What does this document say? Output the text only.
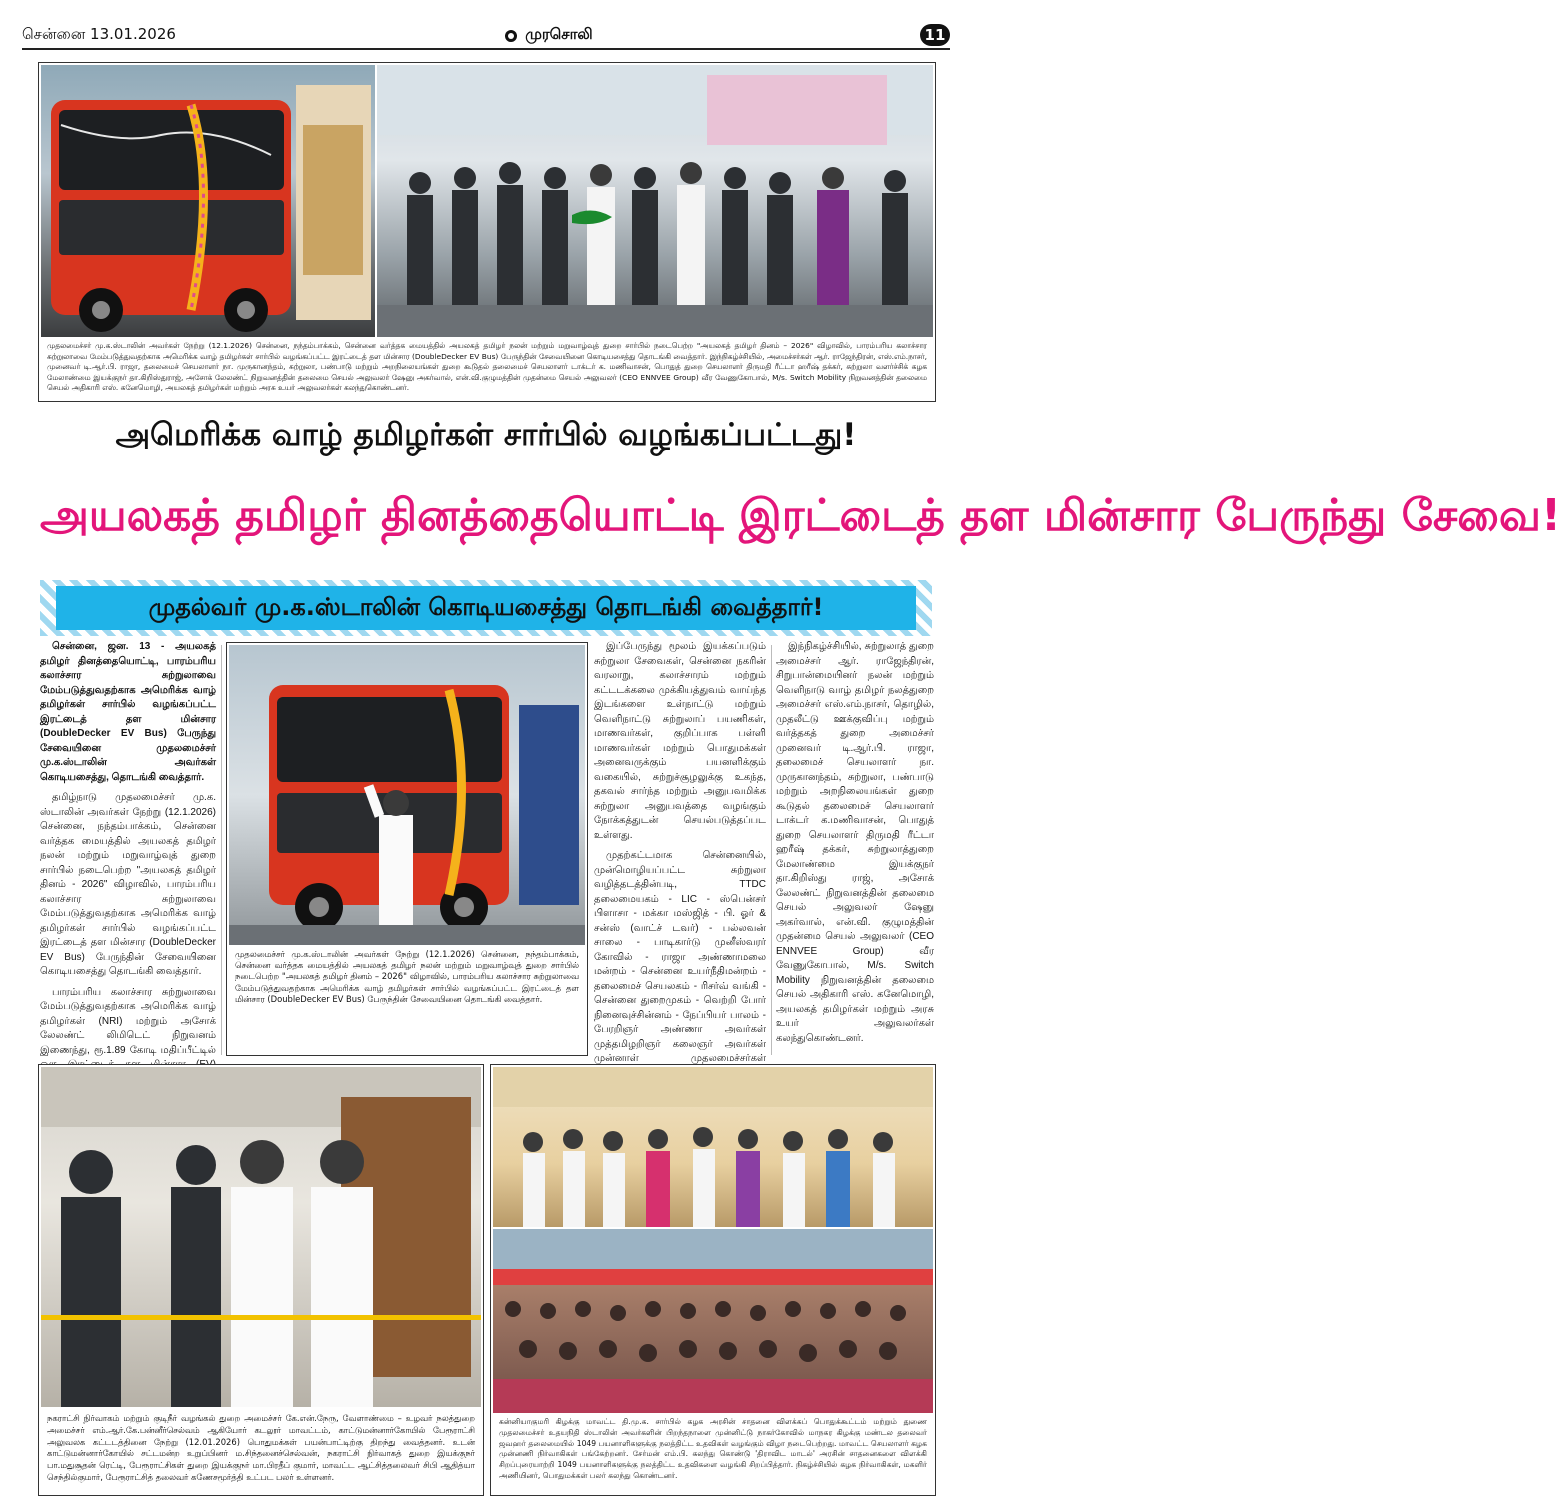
சென்னை 13.01.2026	முரசொலி	11
முதலமைச்சர் மு.க.ஸ்டாலின் அவர்கள் நேற்று (12.1.2026) சென்னை, நந்தம்பாக்கம், சென்னை வர்த்தக மையத்தில் அயலகத் தமிழர் நலன் மற்றும் மறுவாழ்வுத் துறை சார்பில் நடைபெற்ற "அயலகத் தமிழர் தினம் – 2026" விழாவில், பாரம்பரிய கலாச்சார சுற்றுலாவை மேம்படுத்துவதற்காக அமெரிக்க வாழ் தமிழர்கள் சார்பில் வழங்கப்பட்ட இரட்டைத் தள மின்சார (DoubleDecker EV Bus) பேருந்தின் சேவையினை கொடியசைத்து தொடங்கி வைத்தார். இந்நிகழ்ச்சியில், அமைச்சர்கள் ஆர். ராஜேந்திரன், எஸ்.எம்.நாசர், முனைவர் டி.ஆர்.பி. ராஜா, தலைமைச் செயலாளர் நா. முருகானந்தம், சுற்றுலா, பண்பாடு மற்றும் அறநிலையங்கள் துறை கூடுதல் தலைமைச் செயலாளர் டாக்டர் க. மணிவாசன், பொதுத் துறை செயலாளர் திருமதி ரீட்டா ஹரீஷ் தக்கர், சுற்றுலா வளர்ச்சிக் கழக மேலாண்மை இயக்குநர் தா.கிறிஸ்துராஜ், அசோக் லேலண்ட் நிறுவனத்தின் தலைமை செயல் அலுவலர் ஷேனு அகர்வால், என்.வி.குழுமத்தின் முதன்மை செயல் அலுவலர் (CEO ENNVEE Group) வீர வேணுகோபால், M/s. Switch Mobility நிறுவனத்தின் தலைமை செயல் அதிகாரி எஸ். கனேமொழி, அயலகத் தமிழர்கள் மற்றும் அரசு உயர் அலுவலர்கள் கலந்துகொண்டனர்.
அமெரிக்க வாழ் தமிழர்கள் சார்பில் வழங்கப்பட்டது!
அயலகத் தமிழர் தினத்தையொட்டி இரட்டைத் தள மின்சார பேருந்து சேவை!
முதல்வர் மு.க.ஸ்டாலின் கொடியசைத்து தொடங்கி வைத்தார்!

சென்னை, ஜன. 13 - அயலகத் தமிழர் தினத்தையொட்டி, பாரம்பரிய கலாச்சார சுற்றுலாவை மேம்படுத்துவதற்காக அமெரிக்க வாழ் தமிழர்கள் சார்பில் வழங்கப்பட்ட இரட்டைத் தள மின்சார (DoubleDecker EV Bus) பேருந்து சேவையினை முதலமைச்சர் மு.க.ஸ்டாலின் அவர்கள் கொடியசைத்து, தொடங்கி வைத்தார்.

தமிழ்நாடு முதலமைச்சர் மு.க. ஸ்டாலின் அவர்கள் நேற்று (12.1.2026) சென்னை, நந்தம்பாக்கம், சென்னை வர்த்தக மையத்தில் அயலகத் தமிழர் நலன் மற்றும் மறுவாழ்வுத் துறை சார்பில் நடைபெற்ற "அயலகத் தமிழர் தினம் - 2026" விழாவில், பாரம்பரிய கலாச்சார சுற்றுலாவை மேம்படுத்துவதற்காக அமெரிக்க வாழ் தமிழர்கள் சார்பில் வழங்கப்பட்ட இரட்டைத் தள மின்சார (DoubleDecker EV Bus) பேருந்தின் சேவையினை கொடியசைத்து தொடங்கி வைத்தார்.

பாரம்பரிய கலாச்சார சுற்றுலாவை மேம்படுத்துவதற்காக அமெரிக்க வாழ் தமிழர்கள் (NRI) மற்றும் அசோக் லேலண்ட் லிமிடெட் நிறுவனம் இணைந்து, ரூ.1.89 கோடி மதிப்பீட்டில்

முதலமைச்சர் மு.க.ஸ்டாலின் அவர்கள் நேற்று (12.1.2026) சென்னை, நந்தம்பாக்கம், சென்னை வர்த்தக மையத்தில் அயலகத் தமிழர் நலன் மற்றும் மறுவாழ்வுத் துறை சார்பில் நடைபெற்ற "அயலகத் தமிழர் தினம் – 2026" விழாவில், பாரம்பரிய கலாச்சார சுற்றுலாவை மேம்படுத்துவதற்காக அமெரிக்க வாழ் தமிழர்கள் சார்பில் வழங்கப்பட்ட இரட்டைத் தள மின்சார (DoubleDecker EV Bus) பேருந்தின் சேவையினை தொடங்கி வைத்தார்.

இப்பேருந்து மூலம் இயக்கப்படும் சுற்றுலா சேவைகள், சென்னை நகரின் வரலாறு, கலாச்சாரம் மற்றும் கட்டடக்கலை முக்கியத்துவம் வாய்ந்த இடங்களை உள்நாட்டு மற்றும் வெளிநாட்டு சுற்றுலாப் பயணிகள், மாணவர்கள், குறிப்பாக பள்ளி மாணவர்கள் மற்றும் பொதுமக்கள் அனைவருக்கும் பயனளிக்கும் வகையில், சுற்றுச்சூழலுக்கு உகந்த, தகவல் சார்ந்த மற்றும் அனுபவமிக்க சுற்றுலா அனுபவத்தை வழங்கும் நோக்கத்துடன் செயல்படுத்தப்பட உள்ளது.

முதற்கட்டமாக சென்னையில், முன்மொழியப்பட்ட சுற்றுலா வழித்தடத்தின்படி, TTDC தலைமையகம் - LIC - ஸ்பென்சர் பிளாசா - மக்கா மஸ்ஜித் - பி. ஓர் & சன்ஸ் (வாட்ச் டவர்) - பல்லவன் சாலை - பாடிகார்டு முனீஸ்வரர் கோவில் - ராஜா அண்ணாமலை மன்றம் - சென்னை உயர்நீதிமன்றம் - தலைமைச் செயலகம் - ரிசர்வ் வங்கி - சென்னை துறைமுகம் - வெற்றி போர் நினைவுச்சின்னம் - நேப்பியர் பாலம் - பேரறிஞர் அண்ணா அவர்கள் முத்தமிழறிஞர் கலைஞர் அவர்கள் முன்னாள் முதலமைச்சர்கள்

இந்நிகழ்ச்சியில், சுற்றுலாத் துறை அமைச்சர் ஆர். ராஜேந்திரன், சிறுபான்மையினர் நலன் மற்றும் வெளிநாடு வாழ் தமிழர் நலத்துறை அமைச்சர் எஸ்.எம்.நாசர், தொழில், முதலீட்டு ஊக்குவிப்பு மற்றும் வர்த்தகத் துறை அமைச்சர் முனைவர் டி.ஆர்.பி. ராஜா, தலைமைச் செயலாளர் நா. முருகானந்தம், சுற்றுலா, பண்பாடு மற்றும் அறநிலையங்கள் துறை கூடுதல் தலைமைச் செயலாளர் டாக்டர் க.மணிவாசன், பொதுத் துறை செயலாளர் திருமதி ரீட்டா ஹரீஷ் தக்கர், சுற்றுலாத்துறை மேலாண்மை இயக்குநர் தா.கிறிஸ்து ராஜ், அசோக் லேலண்ட் நிறுவனத்தின் தலைமை செயல் அலுவலர் ஷேனு அகர்வால், என்.வி. குழுமத்தின் முதன்மை செயல் அலுவலர் (CEO ENNVEE Group) வீர வேணுகோபால், M/s. Switch Mobility நிறுவனத்தின் தலைமை செயல் அதிகாரி எஸ். கனேமொழி, அயலகத் தமிழர்கள் மற்றும் அரசு உயர் அலுவலர்கள் கலந்துகொண்டனர்.

நகராட்சி நிர்வாகம் மற்றும் குடிநீர் வழங்கல் துறை அமைச்சர் கே.என்.நேரு, வேளாண்மை – உழவர் நலத்துறை அமைச்சர் எம்.ஆர்.கே.பன்னீர்செல்வம் ஆகியோர் கடலூர் மாவட்டம், காட்டுமன்னார்கோயில் பேரூராட்சி அலுவலக கட்டடத்தினை நேற்று (12.01.2026) பொதுமக்கள் பயன்பாட்டிற்கு திறந்து வைத்தனர். உடன் காட்டுமன்னார்கோயில் சட்டமன்ற உறுப்பினர் ம.சிந்தனைச்செல்வன், நகராட்சி நிர்வாகத் துறை இயக்குநர் பா.மதுசூதன் ரெட்டி, பேரூராட்சிகள் துறை இயக்குநர் மா.பிரதீப் குமார், மாவட்ட ஆட்சித்தலைவர் சிபி ஆதித்யா செந்தில்குமார், பேரூராட்சித் தலைவர் கணேசமூர்த்தி உட்பட பலர் உள்ளனர்.
கன்னியாகுமரி கிழக்கு மாவட்ட தி.மு.க. சார்பில் கழக அரசின் சாதனை விளக்கப் பொதுக்கூட்டம் மற்றும் துணை முதலமைச்சர் உதயநிதி ஸ்டாலின் அவர்களின் பிறந்தநாளை முன்னிட்டு நாகர்கோவில் மாநகர கிழக்கு மண்டல தலைவர் ஜவஹர் தலைமையில் 1049 பயனாளிகளுக்கு நலத்திட்ட உதவிகள் வழங்கும் விழா நடைபெற்றது. மாவட்ட செயலாளர் கழக முன்னணி நிர்வாகிகள் பங்கேற்றனர். சேர்மன் எம்.பி. கலந்து கொண்டு 'திராவிட மாடல்' அரசின் சாதனைகளை விளக்கி சிறப்புரையாற்றி 1049 பயனாளிகளுக்கு நலத்திட்ட உதவிகளை வழங்கி சிறப்பித்தார். நிகழ்ச்சியில் கழக நிர்வாகிகள், மகளிர் அணியினர், பொதுமக்கள் பலர் கலந்து கொண்டனர்.
